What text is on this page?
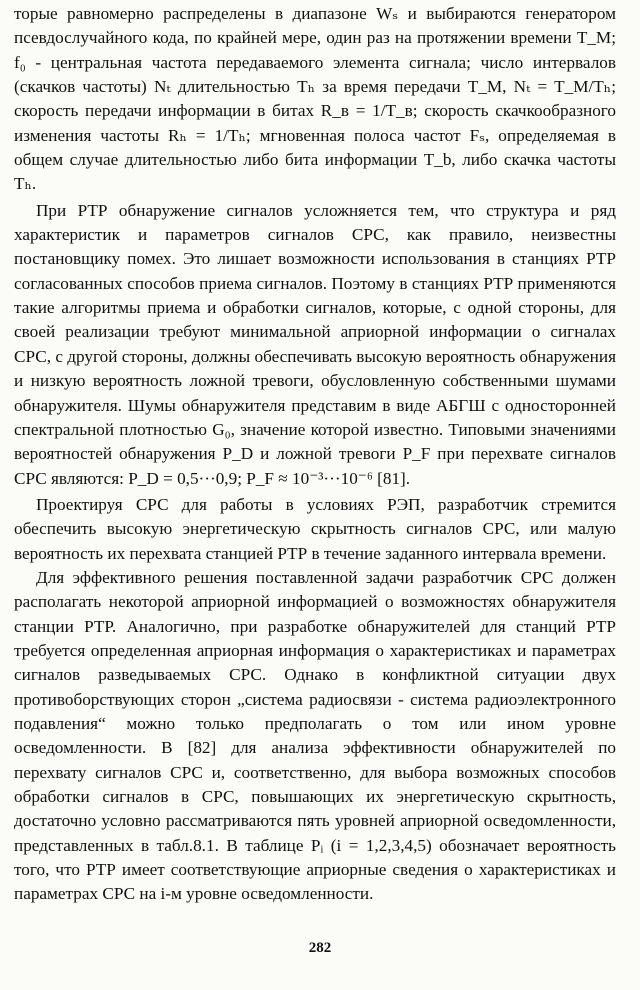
торые равномерно распределены в диапазоне Wₛ и выбираются генератором псевдослучайного кода, по крайней мере, один раз на протяжении времени T_M; f₀ - центральная частота передаваемого элемента сигнала; число интервалов (скачков частоты) Nₜ длительностью Tₕ за время передачи T_M, Nₜ = T_M/Tₕ; скорость передачи информации в битах R_в = 1/T_в; скорость скачкообразного изменения частоты Rₕ = 1/Tₕ; мгновенная полоса частот Fₛ, определяемая в общем случае длительностью либо бита информации T_b, либо скачка частоты Tₕ.

При РТР обнаружение сигналов усложняется тем, что структура и ряд характеристик и параметров сигналов СРС, как правило, неизвестны постановщику помех. Это лишает возможности использования в станциях РТР согласованных способов приема сигналов. Поэтому в станциях РТР применяются такие алгоритмы приема и обработки сигналов, которые, с одной стороны, для своей реализации требуют минимальной априорной информации о сигналах СРС, с другой стороны, должны обеспечивать высокую вероятность обнаружения и низкую вероятность ложной тревоги, обусловленную собственными шумами обнаружителя. Шумы обнаружителя представим в виде АБГШ с односторонней спектральной плотностью G₀, значение которой известно. Типовыми значениями вероятностей обнаружения P_D и ложной тревоги P_F при перехвате сигналов СРС являются: P_D = 0,5···0,9; P_F ≈ 10⁻³···10⁻⁶ [81].

Проектируя СРС для работы в условиях РЭП, разработчик стремится обеспечить высокую энергетическую скрытность сигналов СРС, или малую вероятность их перехвата станцией РТР в течение заданного интервала времени.

Для эффективного решения поставленной задачи разработчик СРС должен располагать некоторой априорной информацией о возможностях обнаружителя станции РТР. Аналогично, при разработке обнаружителей для станций РТР требуется определенная априорная информация о характеристиках и параметрах сигналов разведываемых СРС. Однако в конфликтной ситуации двух противоборствующих сторон „система радиосвязи - система радиоэлектронного подавления“ можно только предполагать о том или ином уровне осведомленности. В [82] для анализа эффективности обнаружителей по перехвату сигналов СРС и, соответственно, для выбора возможных способов обработки сигналов в СРС, повышающих их энергетическую скрытность, достаточно условно рассматриваются пять уровней априорной осведомленности, представленных в табл.8.1. В таблице Pᵢ (i = 1,2,3,4,5) обозначает вероятность того, что РТР имеет соответствующие априорные сведения о характеристиках и параметрах СРС на i-м уровне осведомленности.

282
